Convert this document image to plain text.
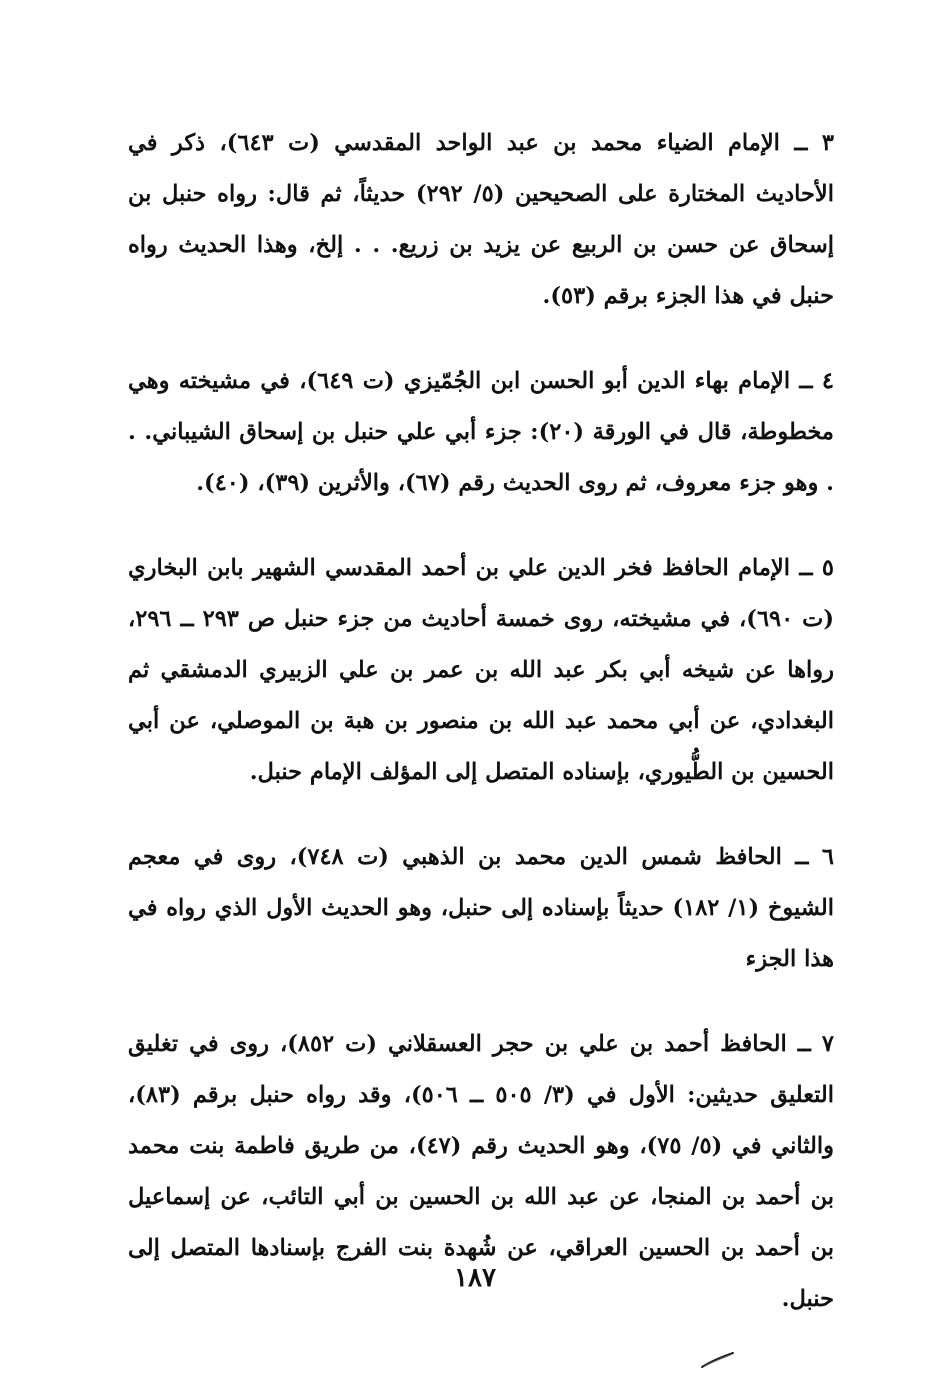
٣ ــ الإمام الضياء محمد بن عبد الواحد المقدسي (ت ٦٤٣)، ذكر في الأحاديث المختارة على الصحيحين (٥/ ٢٩٢) حديثاً، ثم قال: رواه حنبل بن إسحاق عن حسن بن الربيع عن يزيد بن زريع. . . إلخ، وهذا الحديث رواه حنبل في هذا الجزء برقم (٥٣).

٤ ــ الإمام بهاء الدين أبو الحسن ابن الجُمّيزي (ت ٦٤٩)، في مشيخته وهي مخطوطة، قال في الورقة (٢٠): جزء أبي علي حنبل بن إسحاق الشيباني. . . وهو جزء معروف، ثم روى الحديث رقم (٦٧)، والأثرين (٣٩)، (٤٠).

٥ ــ الإمام الحافظ فخر الدين علي بن أحمد المقدسي الشهير بابن البخاري (ت ٦٩٠)، في مشيخته، روى خمسة أحاديث من جزء حنبل ص ٢٩٣ ــ ٢٩٦، رواها عن شيخه أبي بكر عبد الله بن عمر بن علي الزبيري الدمشقي ثم البغدادي، عن أبي محمد عبد الله بن منصور بن هبة بن الموصلي، عن أبي الحسين بن الطُّيوري، بإسناده المتصل إلى المؤلف الإمام حنبل.

٦ ــ الحافظ شمس الدين محمد بن الذهبي (ت ٧٤٨)، روى في معجم الشيوخ (١/ ١٨٢) حديثاً بإسناده إلى حنبل، وهو الحديث الأول الذي رواه في هذا الجزء

٧ ــ الحافظ أحمد بن علي بن حجر العسقلاني (ت ٨٥٢)، روى في تغليق التعليق حديثين: الأول في (٣/ ٥٠٥ ــ ٥٠٦)، وقد رواه حنبل برقم (٨٣)، والثاني في (٥/ ٧٥)، وهو الحديث رقم (٤٧)، من طريق فاطمة بنت محمد بن أحمد بن المنجا، عن عبد الله بن الحسين بن أبي التائب، عن إسماعيل بن أحمد بن الحسين العراقي، عن شُهدة بنت الفرج بإسنادها المتصل إلى حنبل.

١٨٧
